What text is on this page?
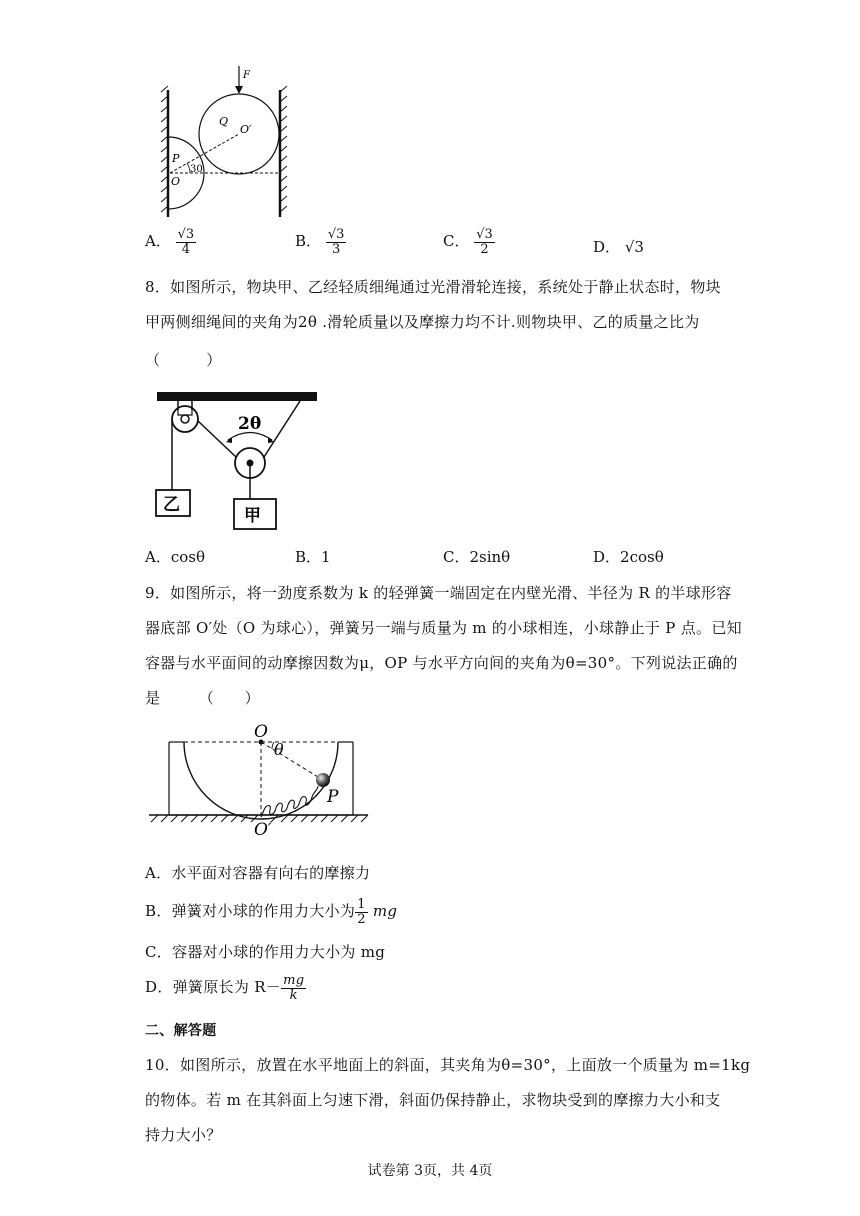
F
Q
O′
P
O
30
A． $\frac{√3}{4}$	B． $\frac{√3}{3}$	C． $\frac{√3}{2}$	D． √3
8．如图所示，物块甲、乙经轻质细绳通过光滑滑轮连接，系统处于静止状态时，物块
甲两侧细绳间的夹角为2θ .滑轮质量以及摩擦力均不计.则物块甲、乙的质量之比为
（　　　）
2θ
乙
甲
A．cosθ	B．1	C．2sinθ	D．2cosθ
9．如图所示，将一劲度系数为 k 的轻弹簧一端固定在内壁光滑、半径为 R 的半球形容
器底部 O′处（O 为球心），弹簧另一端与质量为 m 的小球相连，小球静止于 P 点。已知
容器与水平面间的动摩擦因数为μ，OP 与水平方向间的夹角为θ=30°。下列说法正确的
是　　　（　　）
O
θ
P
O′
A．水平面对容器有向右的摩擦力
B．弹簧对小球的作用力大小为 $\frac{1}{2}$ mg
C．容器对小球的作用力大小为 mg
D．弹簧原长为 $R- \frac{mg}{k}$
二、解答题
10．如图所示，放置在水平地面上的斜面，其夹角为θ=30°，上面放一个质量为 m=1kg
的物体。若 m 在其斜面上匀速下滑，斜面仍保持静止，求物块受到的摩擦力大小和支
持力大小？
试卷第 3页，共 4页
